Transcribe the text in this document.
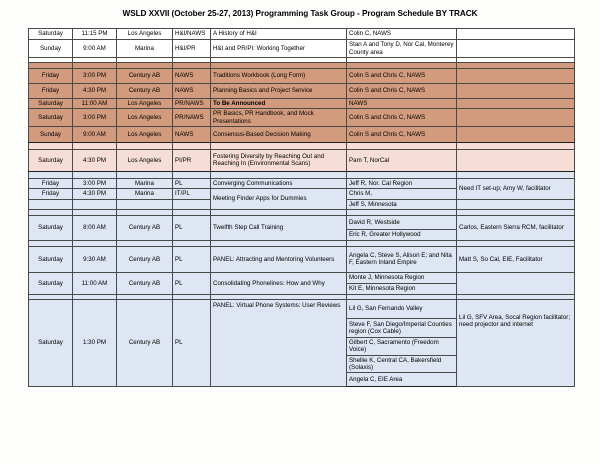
WSLD XXVII (October 25-27, 2013) Programming Task Group - Program Schedule BY TRACK
Saturday	11:15 PM	Los Angeles	H&I/NAWS	A History of H&I	Colin C, NAWS	
Sunday	9:00 AM	Marina	H&I/PR	H&I and PR/PI: Working Together	Stan A and Tony D, Nor Cal, Monterey County area	

Friday	3:00 PM	Century AB	NAWS	Traditions Workbook (Long Form)	Colin S and Chris C, NAWS	
Friday	4:30 PM	Century AB	NAWS	Planning Basics and Project Service	Colin S and Chris C, NAWS	
Saturday	11:00 AM	Los Angeles	PR/NAWS	To Be Announced	NAWS	
Saturday	3:00 PM	Los Angeles	PR/NAWS	PR Basics, PR Handbook, and Mock Presentations	Colin S and Chris C, NAWS	
Sunday	9:00 AM	Los Angeles	NAWS	Consensus-Based Decision Making	Colin S and Chris C, NAWS	

Saturday	4:30 PM	Los Angeles	PI/PR	Fostering Diversity by Reaching Out and Reaching In (Environmental Scans)	Pam T, NorCal	

Friday	3:00 PM	Marina	PL	Converging Communications	Jeff R, Nor. Cal Region	Need IT set-up; Amy W, facilitator
Friday	4:30 PM	Marina	IT/PL	Meeting Finder Apps for Dummies	Chris M,	
					Jeff S, Minnesota	

Saturday	8:00 AM	Century AB	PL	Twelfth Step Call Training	David R, Westside	Carlos, Eastern Sierra RCM, facilitator
					Eric R, Greater Hollywood	

Saturday	9:30 AM	Century AB	PL	PANEL: Attracting and Mentoring Volunteers	Angela C, Steve S, Alison E; and Nita F, Eastern Inland Empire	Matt S, So Cal, EIE, Facilitator
Saturday	11:00 AM	Century AB	PL	Consolidating Phonelines: How and Why	Monte J, Minnesota Region	
					Kit E, Minnesota Region	

Saturday	1:30 PM	Century AB	PL	PANEL: Virtual Phone Systems: User Reviews	Lil G, San Fernando Valley	Lil G, SFV Area, Socal Region facilitator; need projector and internet
					Steve F, San Diego/Imperial Counties region (Cox Cable)	
					Gilbert C, Sacramento (Freedom Voice)	
					Shellie K, Central CA, Bakersfield (Solaxis)	
					Angela C, EIE Area	
